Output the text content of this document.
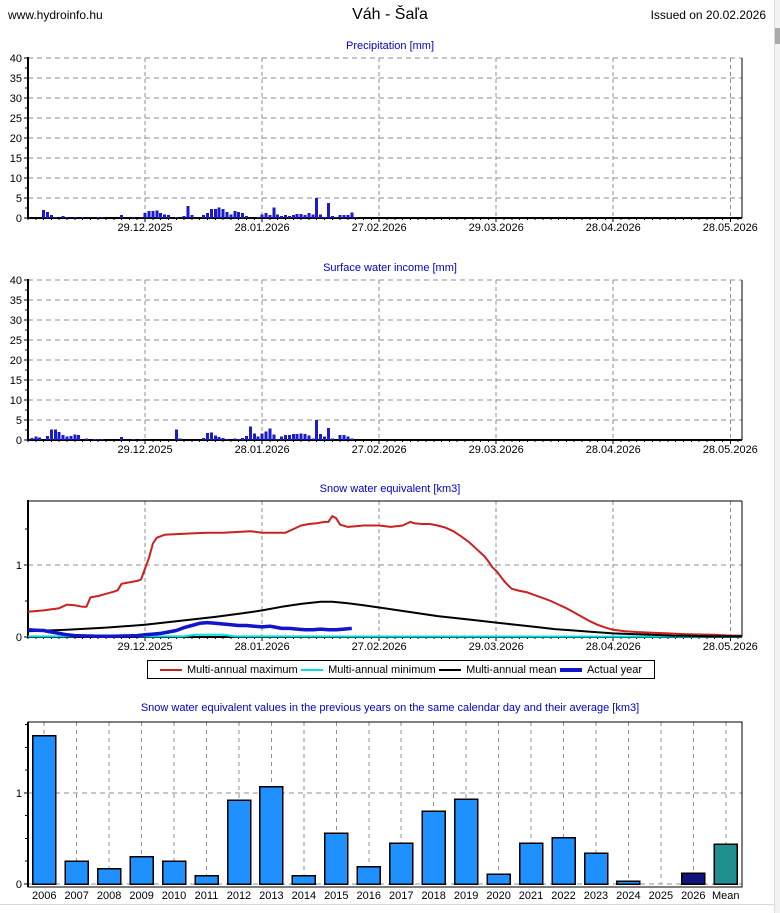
www.hydroinfo.hu	Váh - Šaľa	Issued on 20.02.2026
Precipitation [mm]
0
5
10
15
20
25
30
35
40
29.12.2025	28.01.2026	27.02.2026	29.03.2026	28.04.2026	28.05.2026
Surface water income [mm]
0
5
10
15
20
25
30
35
40
29.12.2025	28.01.2026	27.02.2026	29.03.2026	28.04.2026	28.05.2026
Snow water equivalent [km3]
0
1
29.12.2025	28.01.2026	27.02.2026	29.03.2026	28.04.2026	28.05.2026
Multi-annual maximum	Multi-annual minimum	Multi-annual mean	Actual year
Snow water equivalent values in the previous years on the same calendar day and their average [km3]
0
1
2006 2007 2008 2009 2010 2011 2012 2013 2014 2015 2016 2017 2018 2019 2020 2021 2022 2023 2024 2025 2026 Mean
